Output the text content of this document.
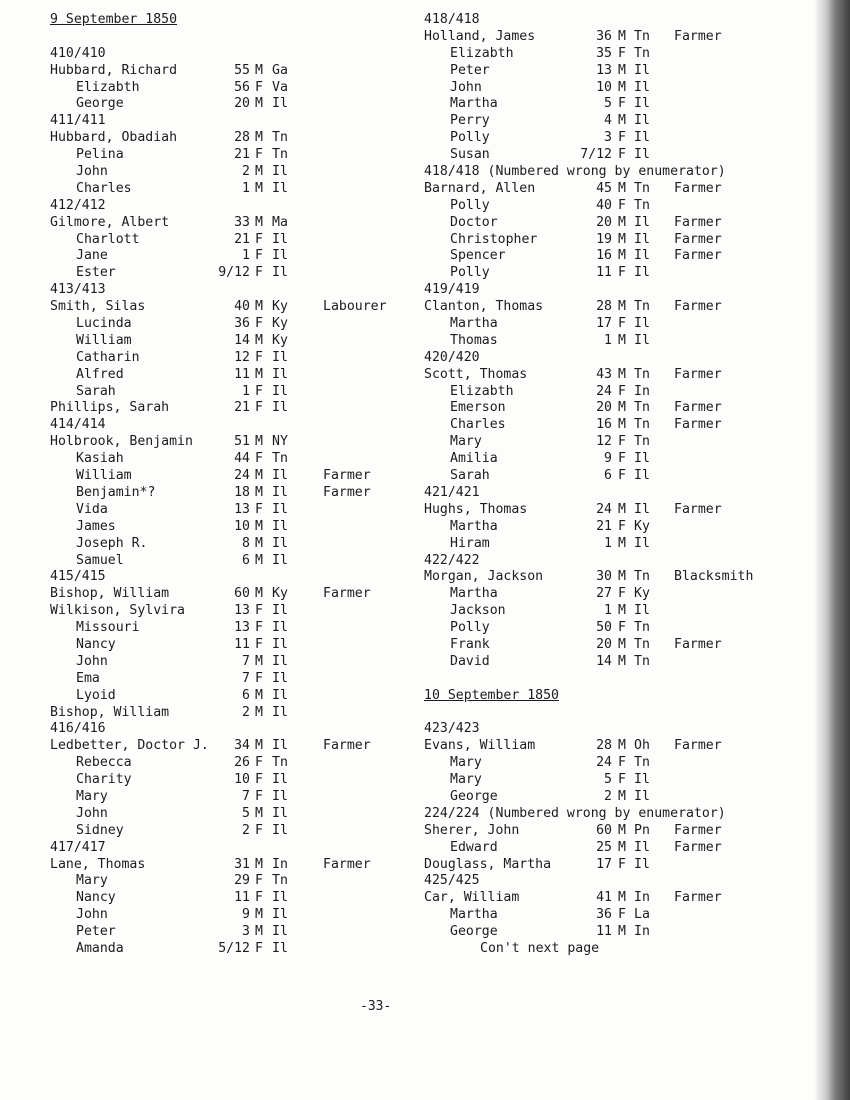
9 September 1850
410/410
Hubbard, Richard	55 M Ga
Elizabth	56 F Va
George	20 M Il
411/411
Hubbard, Obadiah	28 M Tn
Pelina	21 F Tn
John	2 M Il
Charles	1 M Il
412/412
Gilmore, Albert	33 M Ma
Charlott	21 F Il
Jane	1 F Il
Ester	9/12 F Il
413/413
Smith, Silas	40 M Ky	Labourer
Lucinda	36 F Ky
William	14 M Ky
Catharin	12 F Il
Alfred	11 M Il
Sarah	1 F Il
Phillips, Sarah	21 F Il
414/414
Holbrook, Benjamin	51 M NY
Kasiah	44 F Tn
William	24 M Il	Farmer
Benjamin*?	18 M Il	Farmer
Vida	13 F Il
James	10 M Il
Joseph R.	8 M Il
Samuel	6 M Il
415/415
Bishop, William	60 M Ky	Farmer
Wilkison, Sylvira	13 F Il
Missouri	13 F Il
Nancy	11 F Il
John	7 M Il
Ema	7 F Il
Lyoid	6 M Il
Bishop, William	2 M Il
416/416
Ledbetter, Doctor J.	34 M Il	Farmer
Rebecca	26 F Tn
Charity	10 F Il
Mary	7 F Il
John	5 M Il
Sidney	2 F Il
417/417
Lane, Thomas	31 M In	Farmer
Mary	29 F Tn
Nancy	11 F Il
John	9 M Il
Peter	3 M Il
Amanda	5/12 F Il
418/418
Holland, James	36 M Tn Farmer
Elizabth	35 F Tn
Peter	13 M Il
John	10 M Il
Martha	5 F Il
Perry	4 M Il
Polly	3 F Il
Susan	7/12 F Il
418/418 (Numbered wrong by enumerator)
Barnard, Allen	45 M Tn Farmer
Polly	40 F Tn
Doctor	20 M Il Farmer
Christopher	19 M Il Farmer
Spencer	16 M Il Farmer
Polly	11 F Il
419/419
Clanton, Thomas	28 M Tn Farmer
Martha	17 F Il
Thomas	1 M Il
420/420
Scott, Thomas	43 M Tn Farmer
Elizabth	24 F In
Emerson	20 M Tn Farmer
Charles	16 M Tn Farmer
Mary	12 F Tn
Amilia	9 F Il
Sarah	6 F Il
421/421
Hughs, Thomas	24 M Il Farmer
Martha	21 F Ky
Hiram	1 M Il
422/422
Morgan, Jackson	30 M Tn Blacksmith
Martha	27 F Ky
Jackson	1 M Il
Polly	50 F Tn
Frank	20 M Tn Farmer
David	14 M Tn
10 September 1850
423/423
Evans, William	28 M Oh Farmer
Mary	24 F Tn
Mary	5 F Il
George	2 M Il
224/224 (Numbered wrong by enumerator)
Sherer, John	60 M Pn Farmer
Edward	25 M Il Farmer
Douglass, Martha	17 F Il
425/425
Car, William	41 M In Farmer
Martha	36 F La
George	11 M In
Con't next page
-33-
